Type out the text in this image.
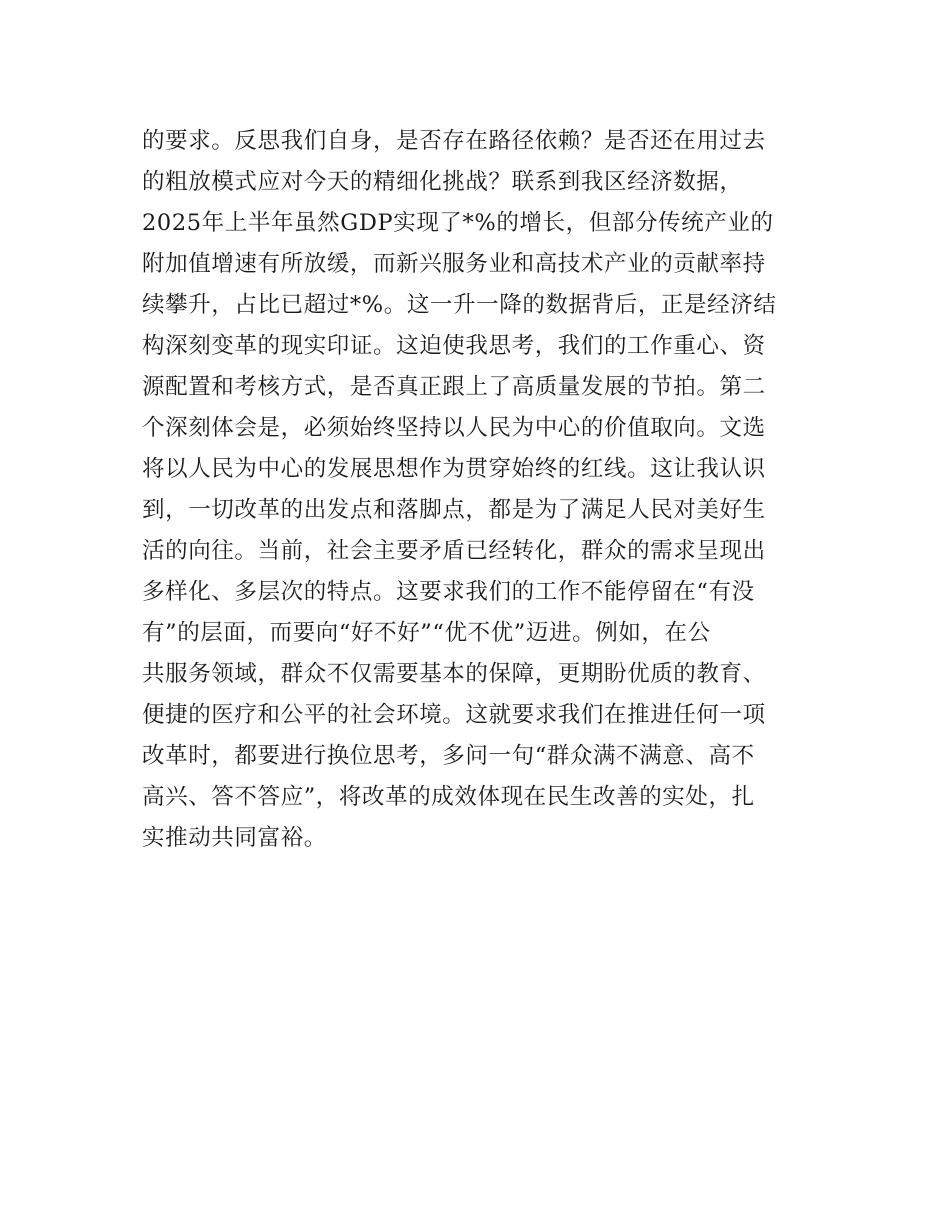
的要求。反思我们自身，是否存在路径依赖？是否还在用过去
的粗放模式应对今天的精细化挑战？联系到我区经济数据，
2025年上半年虽然GDP实现了*%的增长，但部分传统产业的
附加值增速有所放缓，而新兴服务业和高技术产业的贡献率持
续攀升，占比已超过*%。这一升一降的数据背后，正是经济结
构深刻变革的现实印证。这迫使我思考，我们的工作重心、资
源配置和考核方式，是否真正跟上了高质量发展的节拍。第二
个深刻体会是，必须始终坚持以人民为中心的价值取向。文选
将以人民为中心的发展思想作为贯穿始终的红线。这让我认识
到，一切改革的出发点和落脚点，都是为了满足人民对美好生
活的向往。当前，社会主要矛盾已经转化，群众的需求呈现出
多样化、多层次的特点。这要求我们的工作不能停留在“有没
有”的层面，而要向“好不好”“优不优”迈进。例如，在公
共服务领域，群众不仅需要基本的保障，更期盼优质的教育、
便捷的医疗和公平的社会环境。这就要求我们在推进任何一项
改革时，都要进行换位思考，多问一句“群众满不满意、高不
高兴、答不答应”，将改革的成效体现在民生改善的实处，扎
实推动共同富裕。
